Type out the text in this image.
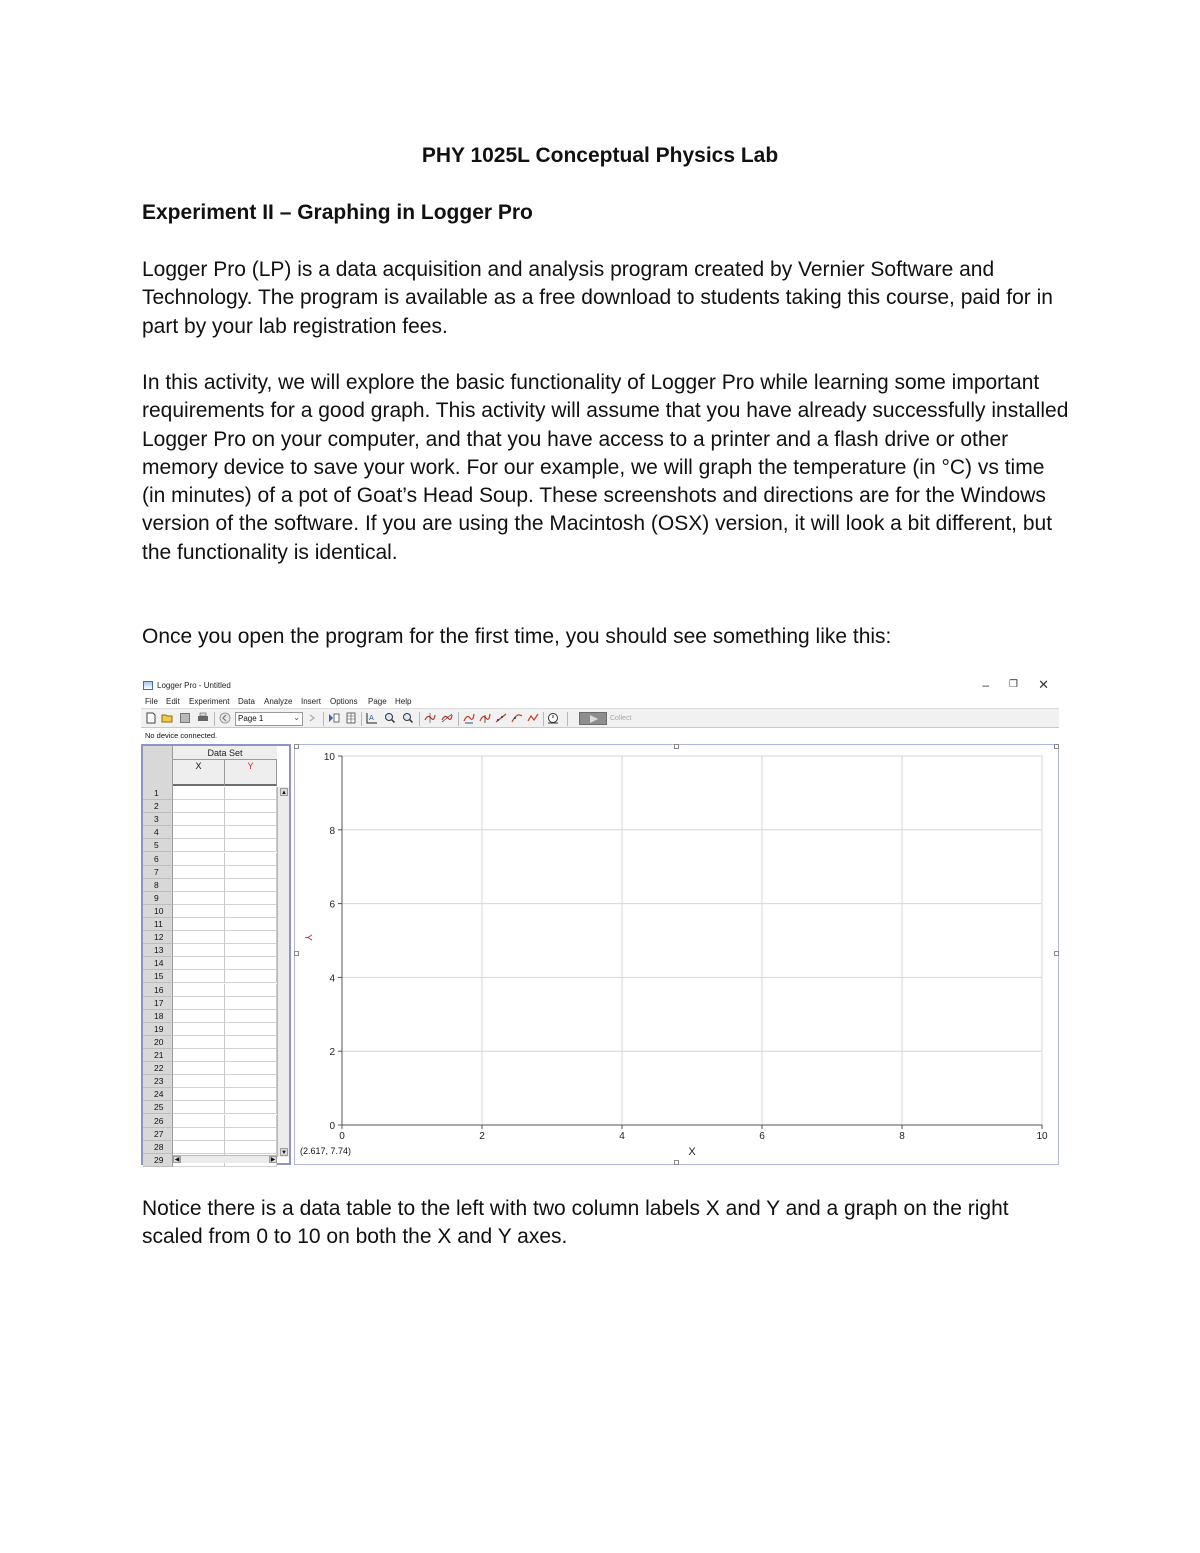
PHY 1025L Conceptual Physics Lab
Experiment II – Graphing in Logger Pro

Logger Pro (LP) is a data acquisition and analysis program created by Vernier Software and Technology. The program is available as a free download to students taking this course, paid for in part by your lab registration fees.

In this activity, we will explore the basic functionality of Logger Pro while learning some important requirements for a good graph. This activity will assume that you have already successfully installed Logger Pro on your computer, and that you have access to a printer and a flash drive or other memory device to save your work. For our example, we will graph the temperature (in °C) vs time (in minutes) of a pot of Goat’s Head Soup. These screenshots and directions are for the Windows version of the software. If you are using the Macintosh (OSX) version, it will look a bit different, but the functionality is identical.

Once you open the program for the first time, you should see something like this:

Logger Pro - Untitled	– ❐ ✕
File Edit Experiment Data Analyze Insert Options Page Help
Page 1	⌄	A	Collect
No device connected.
Data Set
X	Y
1
2
3
4
5
6
7
8
9
10
11
12
13
14
15
16
17
18
19
20
21
22
23
24
25
26
27
28
29
▲
▼
◀	▶
0	2	4	6	8	10
0
2
4
6
8
10
X
Y
(2.617, 7.74)

Notice there is a data table to the left with two column labels X and Y and a graph on the right scaled from 0 to 10 on both the X and Y axes.
